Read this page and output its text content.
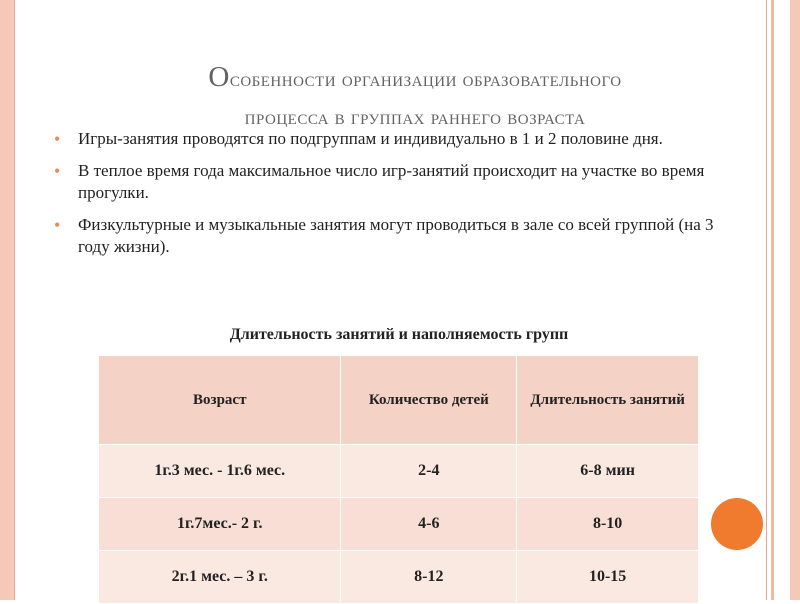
Особенности организации образовательного
процесса в группах раннего возраста
• Игры-занятия проводятся по подгруппам и индивидуально в 1 и 2 половине дня.
• В теплое время года максимальное число игр-занятий происходит на участке во время прогулки.
• Физкультурные и музыкальные занятия могут проводиться в зале со всей группой (на 3 году жизни).
Длительность занятий и наполняемость групп
Возраст	Количество детей	Длительность занятий
1г.3 мес. - 1г.6 мес.	2-4	6-8 мин
1г.7мес.- 2 г.	4-6	8-10
2г.1 мес. – 3 г.	8-12	10-15
